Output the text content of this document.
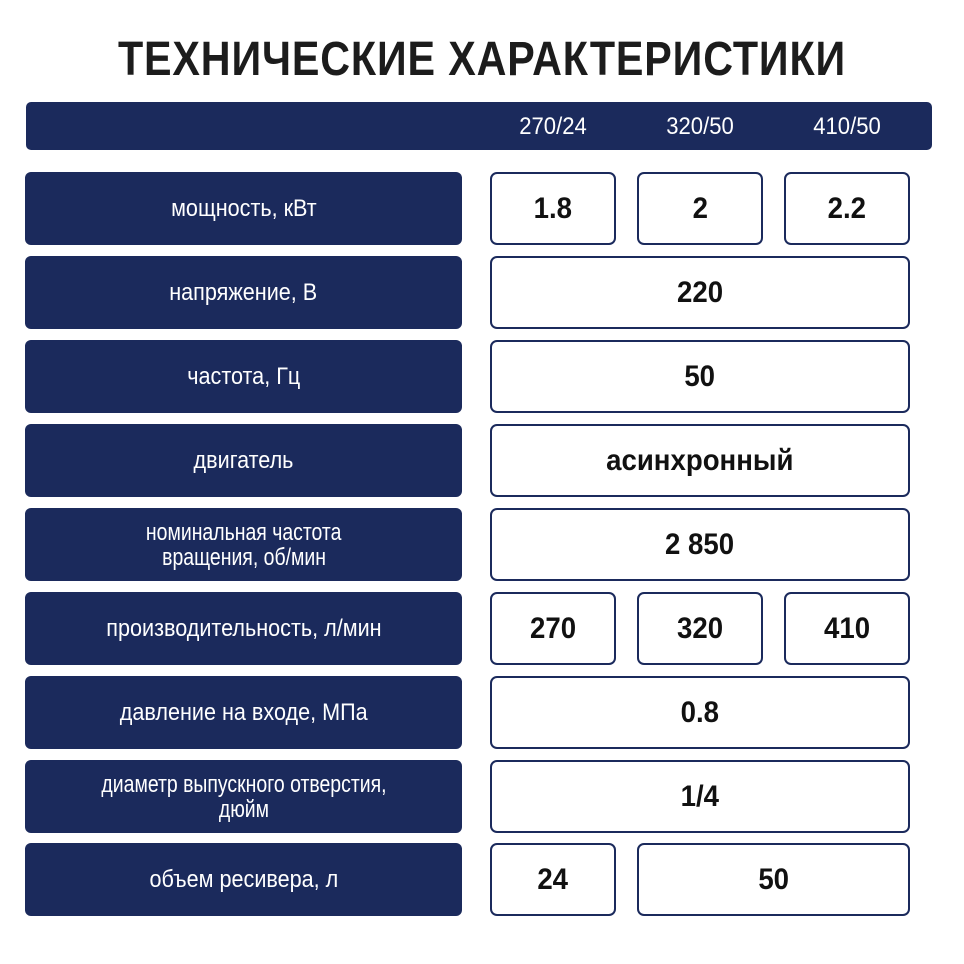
ТЕХНИЧЕСКИЕ ХАРАКТЕРИСТИКИ
270/24	320/50	410/50
мощность, кВт	1.8	2	2.2
напряжение, В	220
частота, Гц	50
двигатель	асинхронный
номинальная частота
вращения, об/мин	2 850
производительность, л/мин	270	320	410
давление на входе, МПа	0.8
диаметр выпускного отверстия,
дюйм	1/4
объем ресивера, л	24	50
